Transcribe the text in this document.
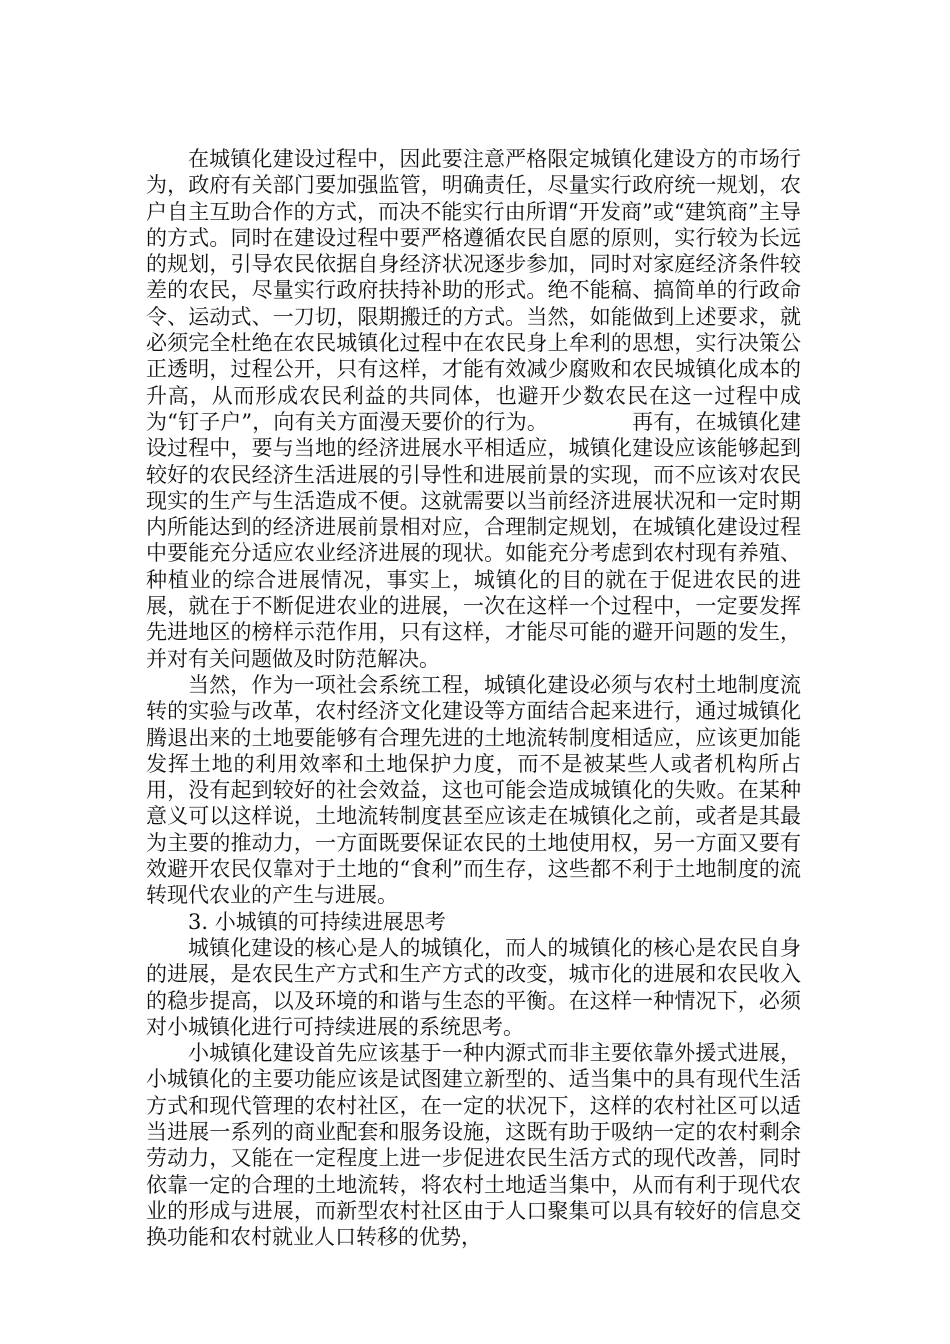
在城镇化建设过程中，因此要注意严格限定城镇化建设方的市场行为，政府有关部门要加强监管，明确责任，尽量实行政府统一规划，农户自主互助合作的方式，而决不能实行由所谓“开发商”或“建筑商”主导的方式。同时在建设过程中要严格遵循农民自愿的原则，实行较为长远的规划，引导农民依据自身经济状况逐步参加，同时对家庭经济条件较差的农民，尽量实行政府扶持补助的形式。绝不能稿、搞简单的行政命令、运动式、一刀切，限期搬迁的方式。当然，如能做到上述要求，就必须完全杜绝在农民城镇化过程中在农民身上牟利的思想，实行决策公正透明，过程公开，只有这样，才能有效减少腐败和农民城镇化成本的升高，从而形成农民利益的共同体，也避开少数农民在这一过程中成为“钉子户”，向有关方面漫天要价的行为。	再有，在城镇化建设过程中，要与当地的经济进展水平相适应，城镇化建设应该能够起到较好的农民经济生活进展的引导性和进展前景的实现，而不应该对农民现实的生产与生活造成不便。这就需要以当前经济进展状况和一定时期内所能达到的经济进展前景相对应，合理制定规划，在城镇化建设过程中要能充分适应农业经济进展的现状。如能充分考虑到农村现有养殖、种植业的综合进展情况，事实上，城镇化的目的就在于促进农民的进展，就在于不断促进农业的进展，一次在这样一个过程中，一定要发挥先进地区的榜样示范作用，只有这样，才能尽可能的避开问题的发生，并对有关问题做及时防范解决。

当然，作为一项社会系统工程，城镇化建设必须与农村土地制度流转的实验与改革，农村经济文化建设等方面结合起来进行，通过城镇化腾退出来的土地要能够有合理先进的土地流转制度相适应，应该更加能发挥土地的利用效率和土地保护力度，而不是被某些人或者机构所占用，没有起到较好的社会效益，这也可能会造成城镇化的失败。在某种意义可以这样说，土地流转制度甚至应该走在城镇化之前，或者是其最为主要的推动力，一方面既要保证农民的土地使用权，另一方面又要有效避开农民仅靠对于土地的“食利”而生存，这些都不利于土地制度的流转现代农业的产生与进展。

3. 小城镇的可持续进展思考

城镇化建设的核心是人的城镇化，而人的城镇化的核心是农民自身的进展，是农民生产方式和生产方式的改变，城市化的进展和农民收入的稳步提高，以及环境的和谐与生态的平衡。在这样一种情况下，必须对小城镇化进行可持续进展的系统思考。

小城镇化建设首先应该基于一种内源式而非主要依靠外援式进展，小城镇化的主要功能应该是试图建立新型的、适当集中的具有现代生活方式和现代管理的农村社区，在一定的状况下，这样的农村社区可以适当进展一系列的商业配套和服务设施，这既有助于吸纳一定的农村剩余劳动力，又能在一定程度上进一步促进农民生活方式的现代改善，同时依靠一定的合理的土地流转，将农村土地适当集中，从而有利于现代农业的形成与进展，而新型农村社区由于人口聚集可以具有较好的信息交换功能和农村就业人口转移的优势，
